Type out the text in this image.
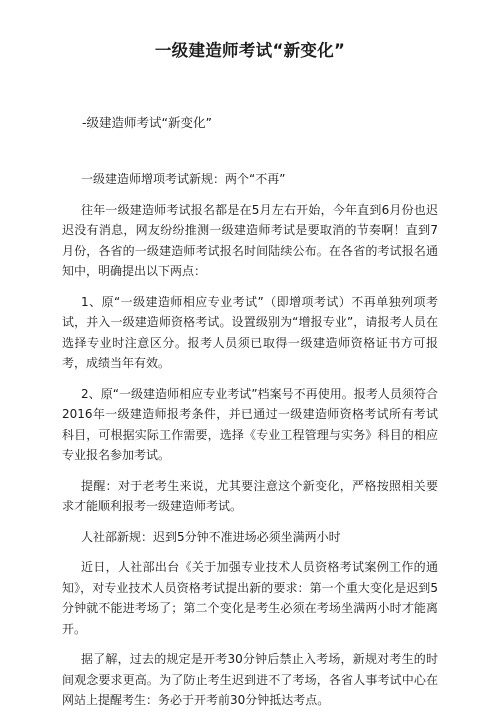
一级建造师考试“新变化”
-级建造师考试“新变化”

一级建造师增项考试新规：两个“不再”

往年一级建造师考试报名都是在5月左右开始，今年直到6月份也迟迟没有消息，网友纷纷推测一级建造师考试是要取消的节奏啊！直到7月份，各省的一级建造师考试报名时间陆续公布。在各省的考试报名通知中，明确提出以下两点：

1、原“一级建造师相应专业考试”（即增项考试）不再单独列项考试，并入一级建造师资格考试。设置级别为“增报专业”，请报考人员在选择专业时注意区分。报考人员须已取得一级建造师资格证书方可报考，成绩当年有效。

2、原“一级建造师相应专业考试”档案号不再使用。报考人员须符合2016年一级建造师报考条件，并已通过一级建造师资格考试所有考试科目，可根据实际工作需要，选择《专业工程管理与实务》科目的相应专业报名参加考试。

提醒：对于老考生来说，尤其要注意这个新变化，严格按照相关要求才能顺利报考一级建造师考试。

人社部新规：迟到5分钟不准进场必须坐满两小时

近日，人社部出台《关于加强专业技术人员资格考试案例工作的通知》，对专业技术人员资格考试提出新的要求：第一个重大变化是迟到5分钟就不能进考场了；第二个变化是考生必须在考场坐满两小时才能离开。

据了解，过去的规定是开考30分钟后禁止入考场，新规对考生的时间观念要求更高。为了防止考生迟到进不了考场，各省人事考试中心在网站上提醒考生：务必于开考前30分钟抵达考点。
